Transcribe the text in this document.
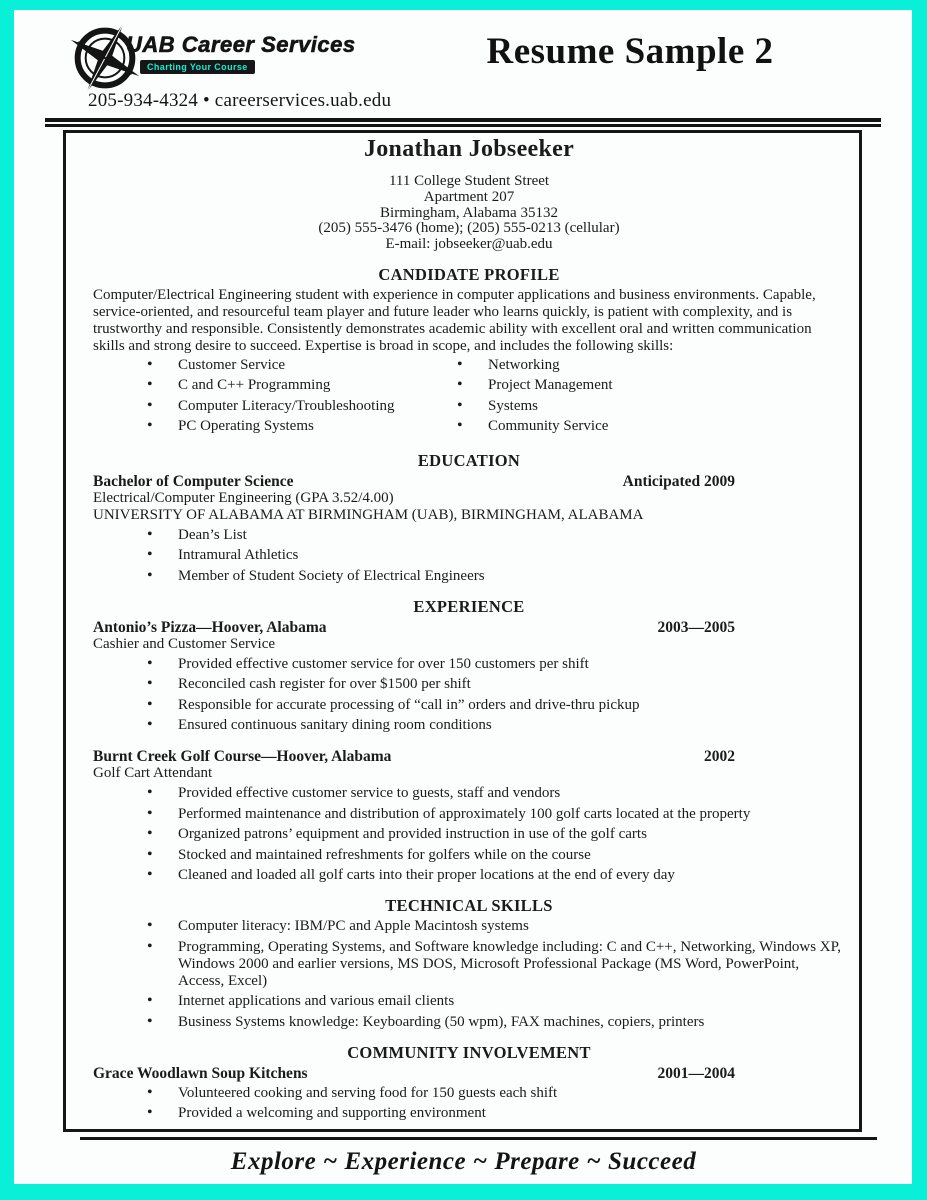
UAB Career Services
Charting Your Course
205-934-4324 • careerservices.uab.edu
Resume Sample 2
Jonathan Jobseeker
111 College Student Street
Apartment 207
Birmingham, Alabama 35132
(205) 555-3476 (home); (205) 555-0213 (cellular)
E-mail: jobseeker@uab.edu
CANDIDATE PROFILE

Computer/Electrical Engineering student with experience in computer applications and business environments. Capable, service-oriented, and resourceful team player and future leader who learns quickly, is patient with complexity, and is trustworthy and responsible. Consistently demonstrates academic ability with excellent oral and written communication skills and strong desire to succeed. Expertise is broad in scope, and includes the following skills:

• Customer Service
• C and C++ Programming
• Computer Literacy/Troubleshooting
• PC Operating Systems
• Networking
• Project Management
• Systems
• Community Service
EDUCATION
Bachelor of Computer Science	Anticipated 2009
Electrical/Computer Engineering (GPA 3.52/4.00)
UNIVERSITY OF ALABAMA AT BIRMINGHAM (UAB), BIRMINGHAM, ALABAMA
• Dean’s List
• Intramural Athletics
• Member of Student Society of Electrical Engineers
EXPERIENCE
Antonio’s Pizza—Hoover, Alabama	2003—2005
Cashier and Customer Service
• Provided effective customer service for over 150 customers per shift
• Reconciled cash register for over $1500 per shift
• Responsible for accurate processing of “call in” orders and drive-thru pickup
• Ensured continuous sanitary dining room conditions
Burnt Creek Golf Course—Hoover, Alabama	2002
Golf Cart Attendant
• Provided effective customer service to guests, staff and vendors
• Performed maintenance and distribution of approximately 100 golf carts located at the property
• Organized patrons’ equipment and provided instruction in use of the golf carts
• Stocked and maintained refreshments for golfers while on the course
• Cleaned and loaded all golf carts into their proper locations at the end of every day
TECHNICAL SKILLS
• Computer literacy: IBM/PC and Apple Macintosh systems
• Programming, Operating Systems, and Software knowledge including: C and C++, Networking, Windows XP, Windows 2000 and earlier versions, MS DOS, Microsoft Professional Package (MS Word, PowerPoint, Access, Excel)
• Internet applications and various email clients
• Business Systems knowledge: Keyboarding (50 wpm), FAX machines, copiers, printers
COMMUNITY INVOLVEMENT
Grace Woodlawn Soup Kitchens	2001—2004
• Volunteered cooking and serving food for 150 guests each shift
• Provided a welcoming and supporting environment
Explore ~ Experience ~ Prepare ~ Succeed
